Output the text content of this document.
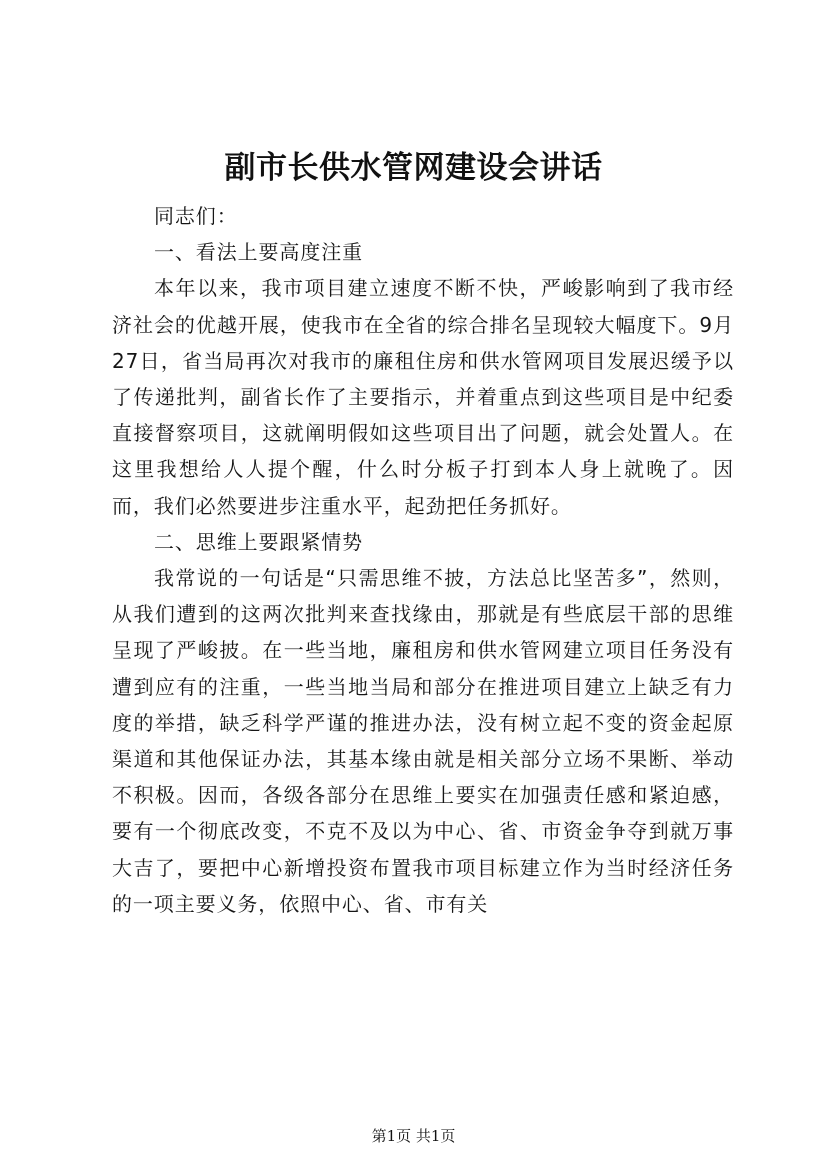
副市长供水管网建设会讲话

同志们：

一、看法上要高度注重

本年以来，我市项目建立速度不断不快，严峻影响到了我市经济社会的优越开展，使我市在全省的综合排名呈现较大幅度下。9月27日，省当局再次对我市的廉租住房和供水管网项目发展迟缓予以了传递批判，副省长作了主要指示，并着重点到这些项目是中纪委直接督察项目，这就阐明假如这些项目出了问题，就会处置人。在这里我想给人人提个醒，什么时分板子打到本人身上就晚了。因而，我们必然要进步注重水平，起劲把任务抓好。

二、思维上要跟紧情势

我常说的一句话是“只需思维不披，方法总比坚苦多”，然则，从我们遭到的这两次批判来查找缘由，那就是有些底层干部的思维呈现了严峻披。在一些当地，廉租房和供水管网建立项目任务没有遭到应有的注重，一些当地当局和部分在推进项目建立上缺乏有力度的举措，缺乏科学严谨的推进办法，没有树立起不变的资金起原渠道和其他保证办法，其基本缘由就是相关部分立场不果断、举动不积极。因而，各级各部分在思维上要实在加强责任感和紧迫感，要有一个彻底改变，不克不及以为中心、省、市资金争夺到就万事大吉了，要把中心新增投资布置我市项目标建立作为当时经济任务的一项主要义务，依照中心、省、市有关

第1页 共1页
